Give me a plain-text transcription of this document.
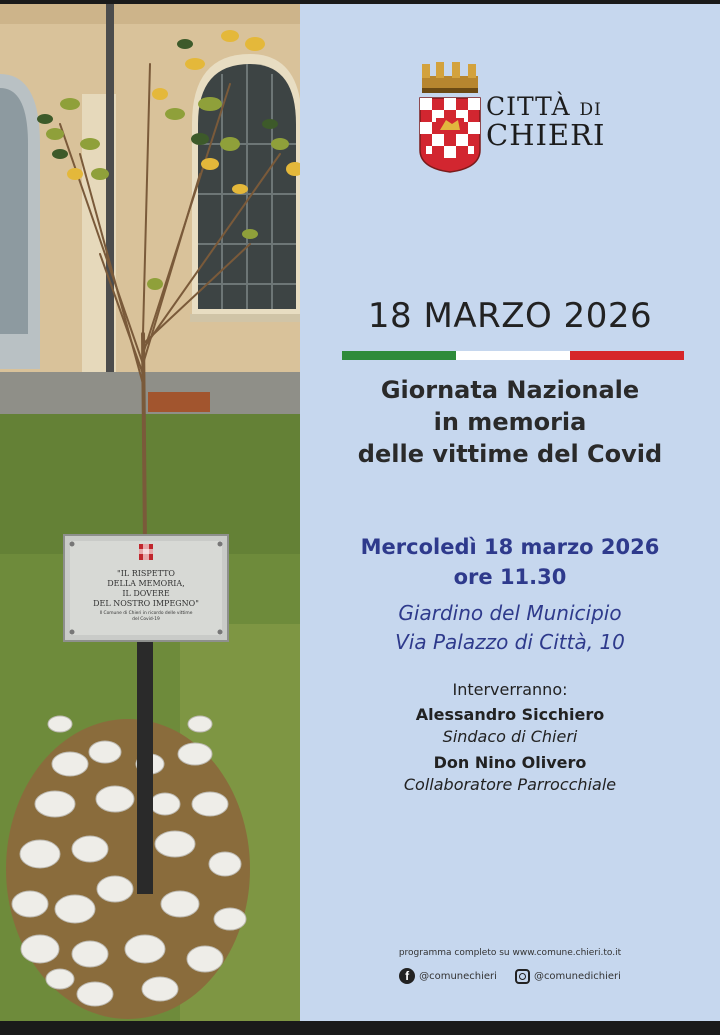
"IL RISPETTO
DELLA MEMORIA,
IL DOVERE
DEL NOSTRO IMPEGNO"
Il Comune di Chieri in ricordo delle vittime
del Covid-19
CITTÀ DI
CHIERI
18 MARZO 2026
Giornata Nazionale
in memoria
delle vittime del Covid
Mercoledì 18 marzo 2026
ore 11.30
Giardino del Municipio
Via Palazzo di Città, 10
Interverranno:
Alessandro Sicchiero
Sindaco di Chieri
Don Nino Olivero
Collaboratore Parrocchiale
programma completo su www.comune.chieri.to.it
f	@comunechieri	@comunedichieri
